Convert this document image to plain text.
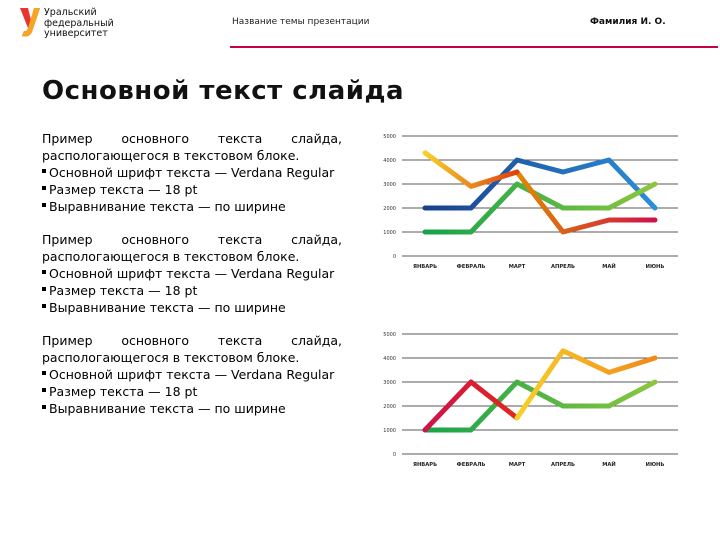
Уральский
федеральный
университет
Название темы презентации	Фамилия И. О.
Основной текст слайда

Пример основного текста слайда, распологающегося в текстовом блоке.

Основной шрифт текста — Verdana Regular
Размер текста — 18 pt
Выравнивание текста — по ширине

Пример основного текста слайда, распологающегося в текстовом блоке.

Основной шрифт текста — Verdana Regular
Размер текста — 18 pt
Выравнивание текста — по ширине

Пример основного текста слайда, распологающегося в текстовом блоке.

Основной шрифт текста — Verdana Regular
Размер текста — 18 pt
Выравнивание текста — по ширине
0
1000
2000
3000
4000
5000
ЯНВАРЬ	ФЕВРАЛЬ	МАРТ	АПРЕЛЬ	МАЙ	ИЮНЬ
0
1000
2000
3000
4000
5000
ЯНВАРЬ	ФЕВРАЛЬ	МАРТ	АПРЕЛЬ	МАЙ	ИЮНЬ
